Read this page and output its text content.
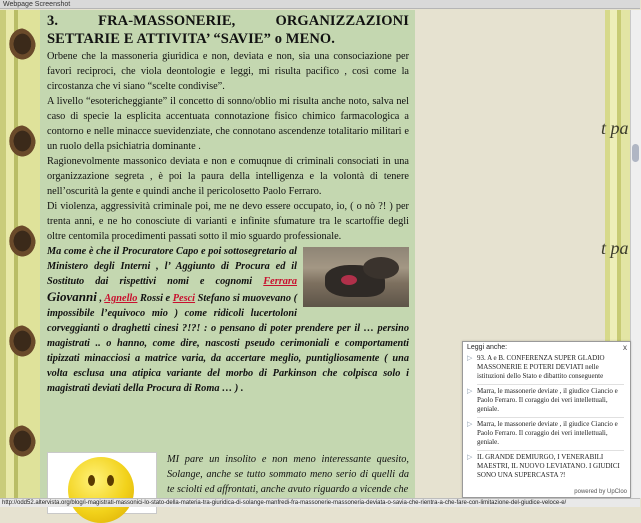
Webpage Screenshot
3. FRA-MASSONERIE, ORGANIZZAZIONI SETTARIE E ATTIVITA’ “SAVIE” o MENO.

Orbene che la massoneria giuridica e non, deviata e non, sia una consociazione per favori reciproci, che viola deontologie e leggi, mi risulta pacifico , così come la circostanza che vi siano “scelte condivise”.

A livello “esotericheggiante” il concetto di sonno/oblio mi risulta anche noto, salva nel caso di specie la esplicita accentuata connotazione fisico chimico farmacologica a contorno e nelle minacce suevidenziate, che connotano ascendenze totalitario militari e un ruolo della psichiatria dominante .

Ragionevolmente massonico deviata e non e comuqnue di criminali consociati in una organizzazione segreta , è poi la paura della intelligenza e la volontà di tenere nell’oscurità la gente e quindi anche il pericolosetto Paolo Ferraro.

Di violenza, aggressività criminale poi, me ne devo essere occupato, io, ( o nò ?! ) per trenta anni, e ne ho conosciute di varianti e infinite sfumature tra le scartoffie degli oltre centomila procedimenti passati sotto il mio sguardo professionale.

Ma come è che il Procuratore Capo e poi sottosegretario al Ministero degli Interni , l’ Aggiunto di Procura ed il Sostituto dai rispettivi nomi e cognomi Ferrara Giovanni , Agnello Rossi e Pesci Stefano si muovevano ( impossibile l’equivoco mio ) come ridicoli lucertoloni corveggianti o draghetti cinesi ?!?! : o pensano di poter prendere per il … persino magistrati .. o hanno, come dire, nascosti pseudo cerimoniali e comportamenti tipizzati minacciosi a matrice varia, da accertare meglio, puntigliosamente ( una volta esclusa una atipica variante del morbo di Parkinson che colpisca solo i magistrati deviati della Procura di Roma … ) .

MI pare un insolito e non meno interessante quesito, Solange, anche se tutto sommato meno serio di quelli da te sciolti ed affrontati, anche avuto riguardo a vicende che

t pa
t pa
Leggi anche:	x
▷ 93. A e B. CONFERENZA SUPER GLADIO MASSONERIE E POTERI DEVIATI nelle istituzioni dello Stato e dibattito conseguente
▷ Marra, le massonerie deviate , il giudice Ciancio e Paolo Ferraro. Il coraggio dei veri intellettuali, geniale.
▷ Marra, le massonerie deviate , il giudice Ciancio e Paolo Ferraro. Il coraggio dei veri intellettuali, geniale.
▷ IL GRANDE DEMIURGO, I VENERABILI MAESTRI, IL NUOVO LEVIATANO. I GIUDICI SONO UNA SUPERCASTA ?!
powered by UpCloo
http://odd52.altervista.org/blog/i-magistrati-massonici-lo-stato-della-materia-tra-giuridica-di-solange-manfredi-fra-massonerie-massoneria-deviata-o-savia-che-rientra-a-che-fare-con-limitazione-del-giudice-veloce-e/
